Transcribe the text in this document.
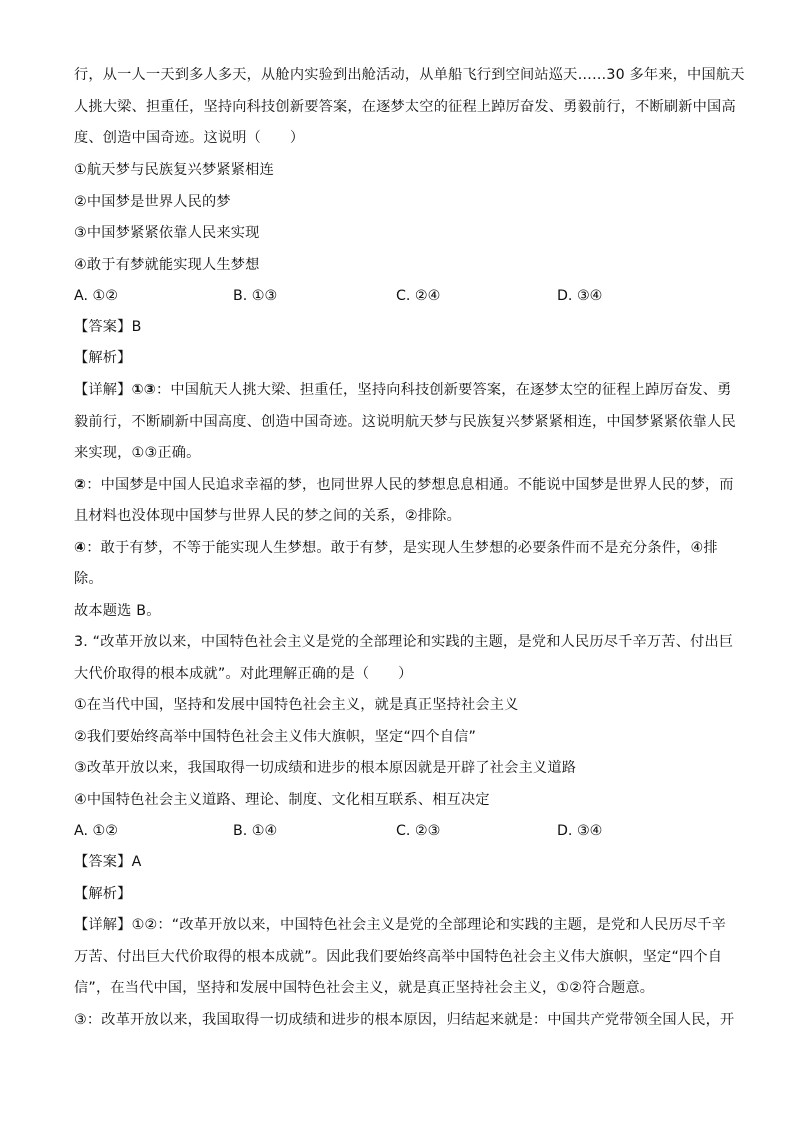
行，从一人一天到多人多天，从舱内实验到出舱活动，从单船飞行到空间站巡天……30 多年来，中国航天
人挑大梁、担重任，坚持向科技创新要答案，在逐梦太空的征程上踔厉奋发、勇毅前行，不断刷新中国高
度、创造中国奇迹。这说明（　　）
①航天梦与民族复兴梦紧紧相连
②中国梦是世界人民的梦
③中国梦紧紧依靠人民来实现
④敢于有梦就能实现人生梦想
A. ①②	B. ①③	C. ②④	D. ③④
【答案】B
【解析】
【详解】①③：中国航天人挑大梁、担重任，坚持向科技创新要答案，在逐梦太空的征程上踔厉奋发、勇
毅前行，不断刷新中国高度、创造中国奇迹。这说明航天梦与民族复兴梦紧紧相连，中国梦紧紧依靠人民
来实现，①③正确。
②：中国梦是中国人民追求幸福的梦，也同世界人民的梦想息息相通。不能说中国梦是世界人民的梦，而
且材料也没体现中国梦与世界人民的梦之间的关系，②排除。
④：敢于有梦，不等于能实现人生梦想。敢于有梦，是实现人生梦想的必要条件而不是充分条件，④排
除。
故本题选 B。
3. “改革开放以来，中国特色社会主义是党的全部理论和实践的主题，是党和人民历尽千辛万苦、付出巨
大代价取得的根本成就”。对此理解正确的是（　　）
①在当代中国，坚持和发展中国特色社会主义，就是真正坚持社会主义
②我们要始终高举中国特色社会主义伟大旗帜，坚定“四个自信”
③改革开放以来，我国取得一切成绩和进步的根本原因就是开辟了社会主义道路
④中国特色社会主义道路、理论、制度、文化相互联系、相互决定
A. ①②	B. ①④	C. ②③	D. ③④
【答案】A
【解析】
【详解】①②：“改革开放以来，中国特色社会主义是党的全部理论和实践的主题，是党和人民历尽千辛
万苦、付出巨大代价取得的根本成就”。因此我们要始终高举中国特色社会主义伟大旗帜，坚定“四个自
信”，在当代中国，坚持和发展中国特色社会主义，就是真正坚持社会主义，①②符合题意。
③：改革开放以来，我国取得一切成绩和进步的根本原因，归结起来就是：中国共产党带领全国人民，开
